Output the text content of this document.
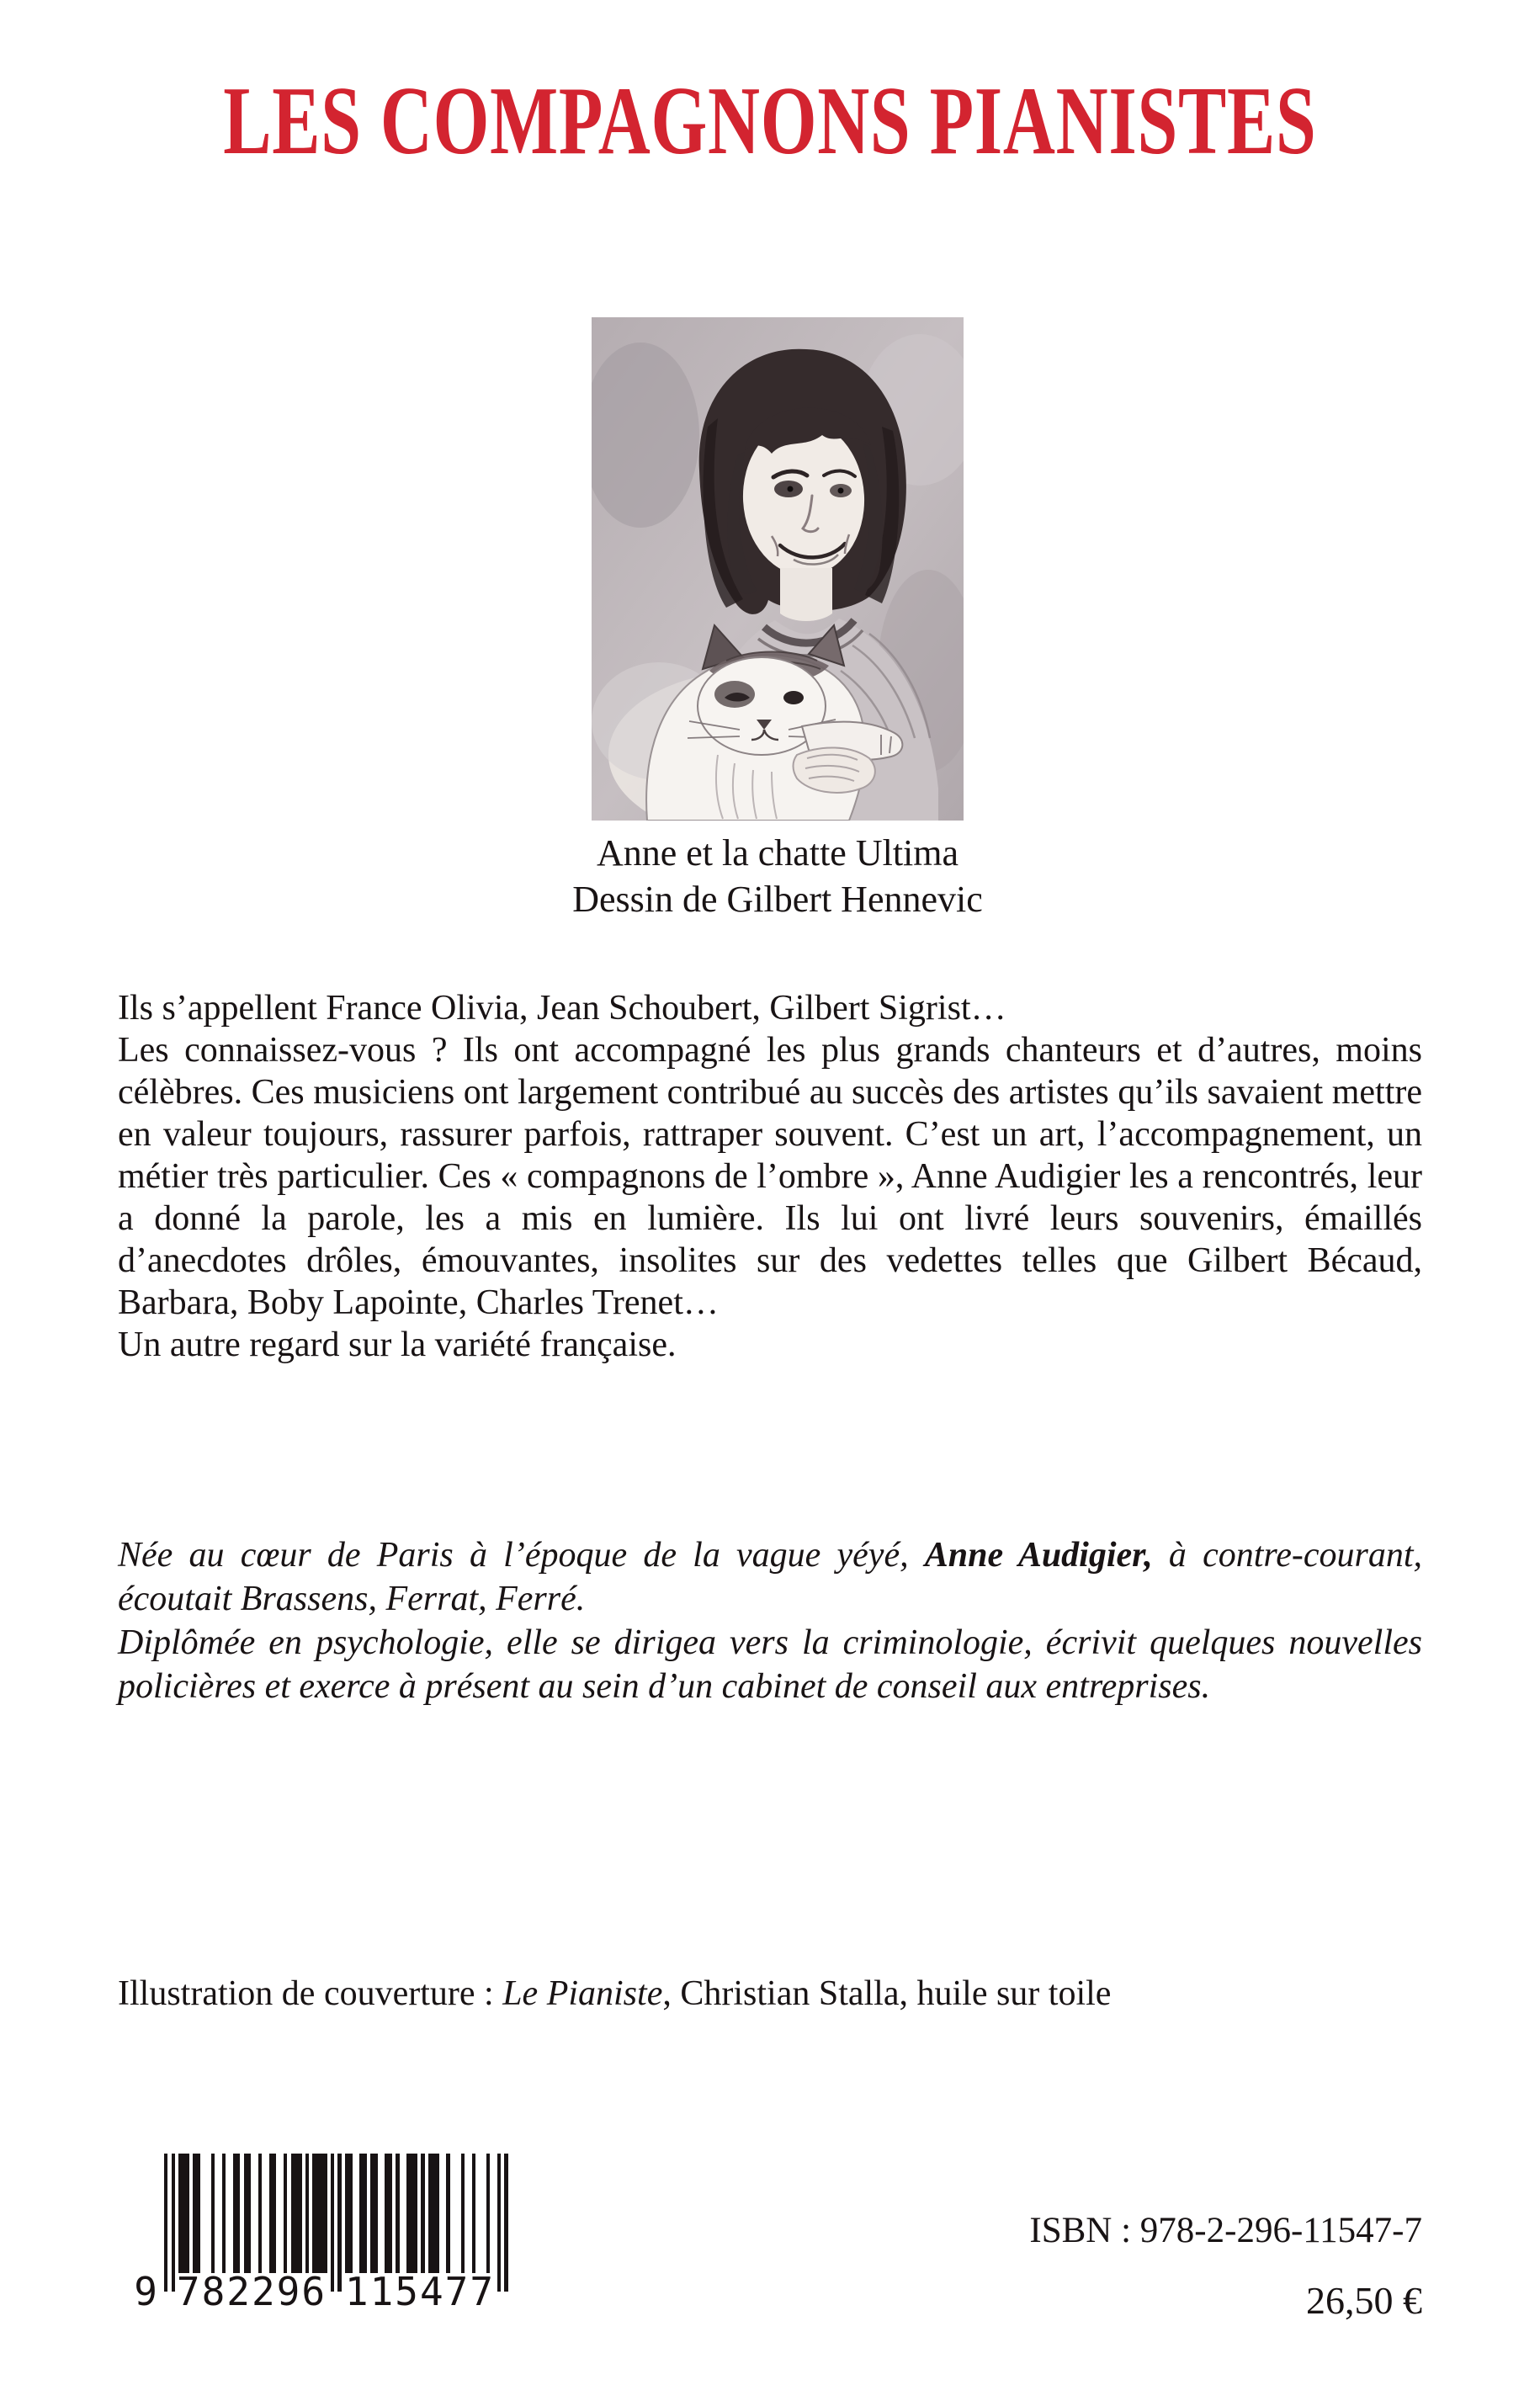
LES COMPAGNONS PIANISTES
Anne et la chatte Ultima
Dessin de Gilbert Hennevic

Ils s’appellent France Olivia, Jean Schoubert, Gilbert Sigrist…

Les connaissez-vous ? Ils ont accompagné les plus grands chanteurs et d’autres, moins célèbres. Ces musiciens ont largement contribué au succès des artistes qu’ils savaient mettre en valeur toujours, rassurer parfois, rattraper souvent. C’est un art, l’accompagnement, un métier très particulier. Ces « compagnons de l’ombre », Anne Audigier les a rencontrés, leur a donné la parole, les a mis en lumière. Ils lui ont livré leurs souvenirs, émaillés d’anecdotes drôles, émouvantes, insolites sur des vedettes telles que Gilbert Bécaud, Barbara, Boby Lapointe, Charles Trenet…

Un autre regard sur la variété française.

Née au cœur de Paris à l’époque de la vague yéyé, Anne Audigier, à contre-courant, écoutait Brassens, Ferrat, Ferré.

Diplômée en psychologie, elle se dirigea vers la criminologie, écrivit quelques nouvelles policières et exerce à présent au sein d’un cabinet de conseil aux entreprises.

Illustration de couverture : Le Pianiste, Christian Stalla, huile sur toile
9 782296 115477
ISBN : 978-2-296-11547-7
26,50 €
